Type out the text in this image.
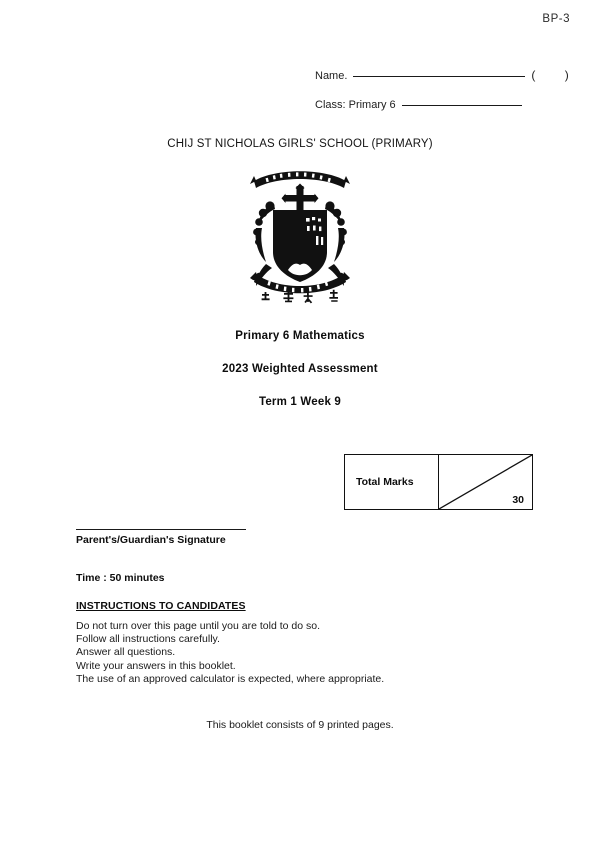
BP-3
Name.	( )
Class: Primary 6
CHIJ ST NICHOLAS GIRLS' SCHOOL (PRIMARY)
Primary 6 Mathematics
2023 Weighted Assessment
Term 1 Week 9
Total Marks
30
Parent's/Guardian's Signature
Time : 50 minutes
INSTRUCTIONS TO CANDIDATES
Do not turn over this page until you are told to do so.
Follow all instructions carefully.
Answer all questions.
Write your answers in this booklet.
The use of an approved calculator is expected, where appropriate.
This booklet consists of 9 printed pages.
